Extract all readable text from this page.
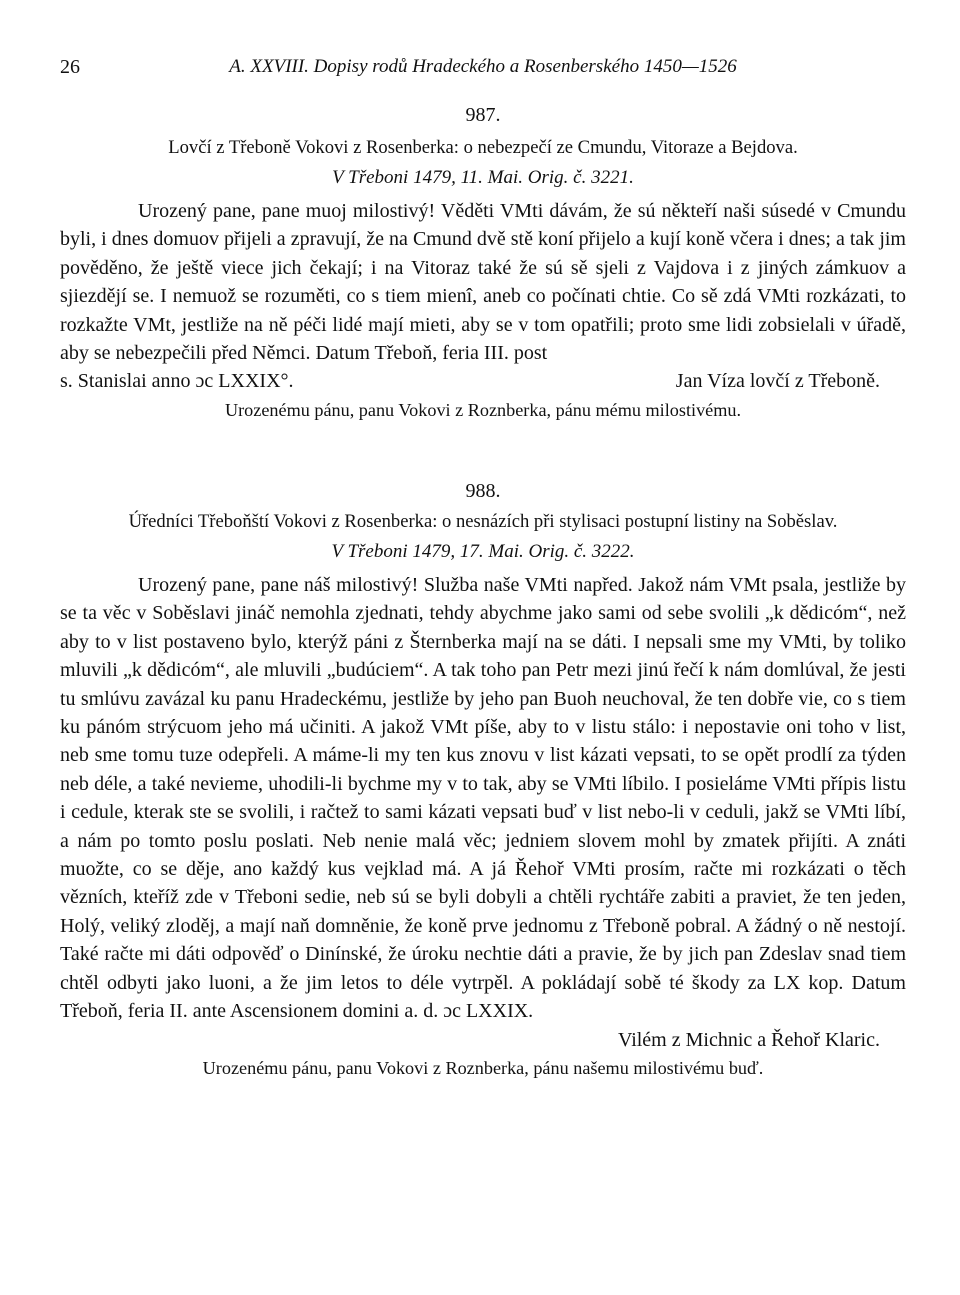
26	A. XXVIII. Dopisy rodů Hradeckého a Rosenberského 1450—1526

987.

Lovčí z Třeboně Vokovi z Rosenberka: o nebezpečí ze Cmundu, Vitoraze a Bejdova.

V Třeboni 1479, 11. Mai. Orig. č. 3221.

Urozený pane, pane muoj milostivý! Věděti VMti dávám, že sú někteří naši súsedé v Cmundu byli, i dnes domuov přijeli a zpravují, že na Cmund dvě stě koní přijelo a kují koně včera i dnes; a tak jim pověděno, že ještě viece jich čekají; i na Vitoraz také že sú sě sjeli z Vajdova i z jiných zámkuov a sjiezdějí se. I nemuož se rozuměti, co s tiem mienî, aneb co počínati chtie. Co sě zdá VMti rozkázati, to rozkažte VMt, jestliže na ně péči lidé mají mieti, aby se v tom opatřili; proto sme lidi zobsielali v úřadě, aby se nebezpečili před Němci. Datum Třeboň, feria III. post

s. Stanislai anno ɔc LXXIX°.	Jan Víza lovčí z Třeboně.

Urozenému pánu, panu Vokovi z Roznberka, pánu mému milostivému.

988.

Úředníci Třeboňští Vokovi z Rosenberka: o nesnázích při stylisaci postupní listiny na Soběslav.

V Třeboni 1479, 17. Mai. Orig. č. 3222.

Urozený pane, pane náš milostivý! Služba naše VMti napřed. Jakož nám VMt psala, jestliže by se ta věc v Soběslavi jináč nemohla zjednati, tehdy abychme jako sami od sebe svolili „k dědicóm“, než aby to v list postaveno bylo, kterýž páni z Šternberka mají na se dáti. I nepsali sme my VMti, by toliko mluvili „k dědicóm“, ale mluvili „budúciem“. A tak toho pan Petr mezi jinú řečí k nám domlúval, že jesti tu smlúvu zavázal ku panu Hradeckému, jestliže by jeho pan Buoh neuchoval, že ten dobře vie, co s tiem ku pánóm strýcuom jeho má učiniti. A jakož VMt píše, aby to v listu stálo: i nepostavie oni toho v list, neb sme tomu tuze odepřeli. A máme-li my ten kus znovu v list kázati vepsati, to se opět prodlí za týden neb déle, a také nevieme, uhodili-li bychme my v to tak, aby se VMti líbilo. I posieláme VMti přípis listu i cedule, kterak ste se svolili, i račtež to sami kázati vepsati buď v list nebo-li v ceduli, jakž se VMti líbí, a nám po tomto poslu poslati. Neb nenie malá věc; jedniem slovem mohl by zmatek přijíti. A znáti muožte, co se děje, ano každý kus vejklad má. A já Řehoř VMti prosím, račte mi rozkázati o těch vězních, kteříž zde v Třeboni sedie, neb sú se byli dobyli a chtěli rychtáře zabiti a praviet, že ten jeden, Holý, veliký zloděj, a mají naň domněnie, že koně prve jednomu z Třeboně pobral. A žádný o ně nestojí. Také račte mi dáti odpověď o Dinínské, že úroku nechtie dáti a pravie, že by jich pan Zdeslav snad tiem chtěl odbyti jako luoni, a že jim letos to déle vytrpěl. A pokládají sobě té škody za LX kop. Datum Třeboň, feria II. ante Ascensionem domini a. d. ɔc LXXIX.

Vilém z Michnic a Řehoř Klaric.

Urozenému pánu, panu Vokovi z Roznberka, pánu našemu milostivému buď.
